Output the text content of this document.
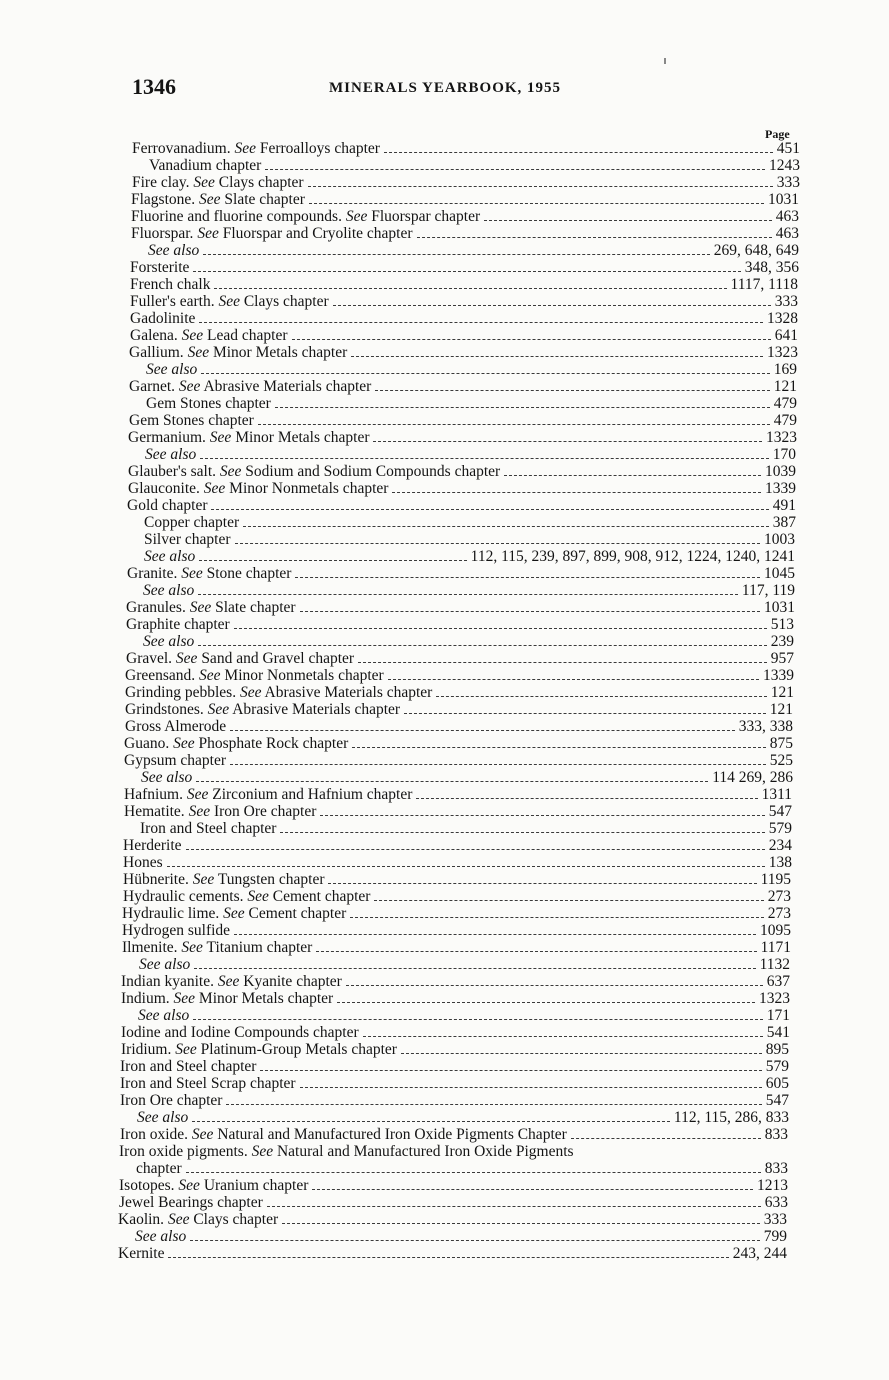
1346	MINERALS YEARBOOK, 1955
Page
Ferrovanadium. See Ferroalloys chapter	451
Vanadium chapter	1243
Fire clay. See Clays chapter	333
Flagstone. See Slate chapter	1031
Fluorine and fluorine compounds. See Fluorspar chapter	463
Fluorspar. See Fluorspar and Cryolite chapter	463
See also	269, 648, 649
Forsterite	348, 356
French chalk	1117, 1118
Fuller's earth. See Clays chapter	333
Gadolinite	1328
Galena. See Lead chapter	641
Gallium. See Minor Metals chapter	1323
See also	169
Garnet. See Abrasive Materials chapter	121
Gem Stones chapter	479
Gem Stones chapter	479
Germanium. See Minor Metals chapter	1323
See also	170
Glauber's salt. See Sodium and Sodium Compounds chapter	1039
Glauconite. See Minor Nonmetals chapter	1339
Gold chapter	491
Copper chapter	387
Silver chapter	1003
See also	112, 115, 239, 897, 899, 908, 912, 1224, 1240, 1241
Granite. See Stone chapter	1045
See also	117, 119
Granules. See Slate chapter	1031
Graphite chapter	513
See also	239
Gravel. See Sand and Gravel chapter	957
Greensand. See Minor Nonmetals chapter	1339
Grinding pebbles. See Abrasive Materials chapter	121
Grindstones. See Abrasive Materials chapter	121
Gross Almerode	333, 338
Guano. See Phosphate Rock chapter	875
Gypsum chapter	525
See also	114 269, 286
Hafnium. See Zirconium and Hafnium chapter	1311
Hematite. See Iron Ore chapter	547
Iron and Steel chapter	579
Herderite	234
Hones	138
Hübnerite. See Tungsten chapter	1195
Hydraulic cements. See Cement chapter	273
Hydraulic lime. See Cement chapter	273
Hydrogen sulfide	1095
Ilmenite. See Titanium chapter	1171
See also	1132
Indian kyanite. See Kyanite chapter	637
Indium. See Minor Metals chapter	1323
See also	171
Iodine and Iodine Compounds chapter	541
Iridium. See Platinum-Group Metals chapter	895
Iron and Steel chapter	579
Iron and Steel Scrap chapter	605
Iron Ore chapter	547
See also	112, 115, 286, 833
Iron oxide. See Natural and Manufactured Iron Oxide Pigments Chapter	833
Iron oxide pigments. See Natural and Manufactured Iron Oxide Pigments
chapter	833
Isotopes. See Uranium chapter	1213
Jewel Bearings chapter	633
Kaolin. See Clays chapter	333
See also	799
Kernite	243, 244
